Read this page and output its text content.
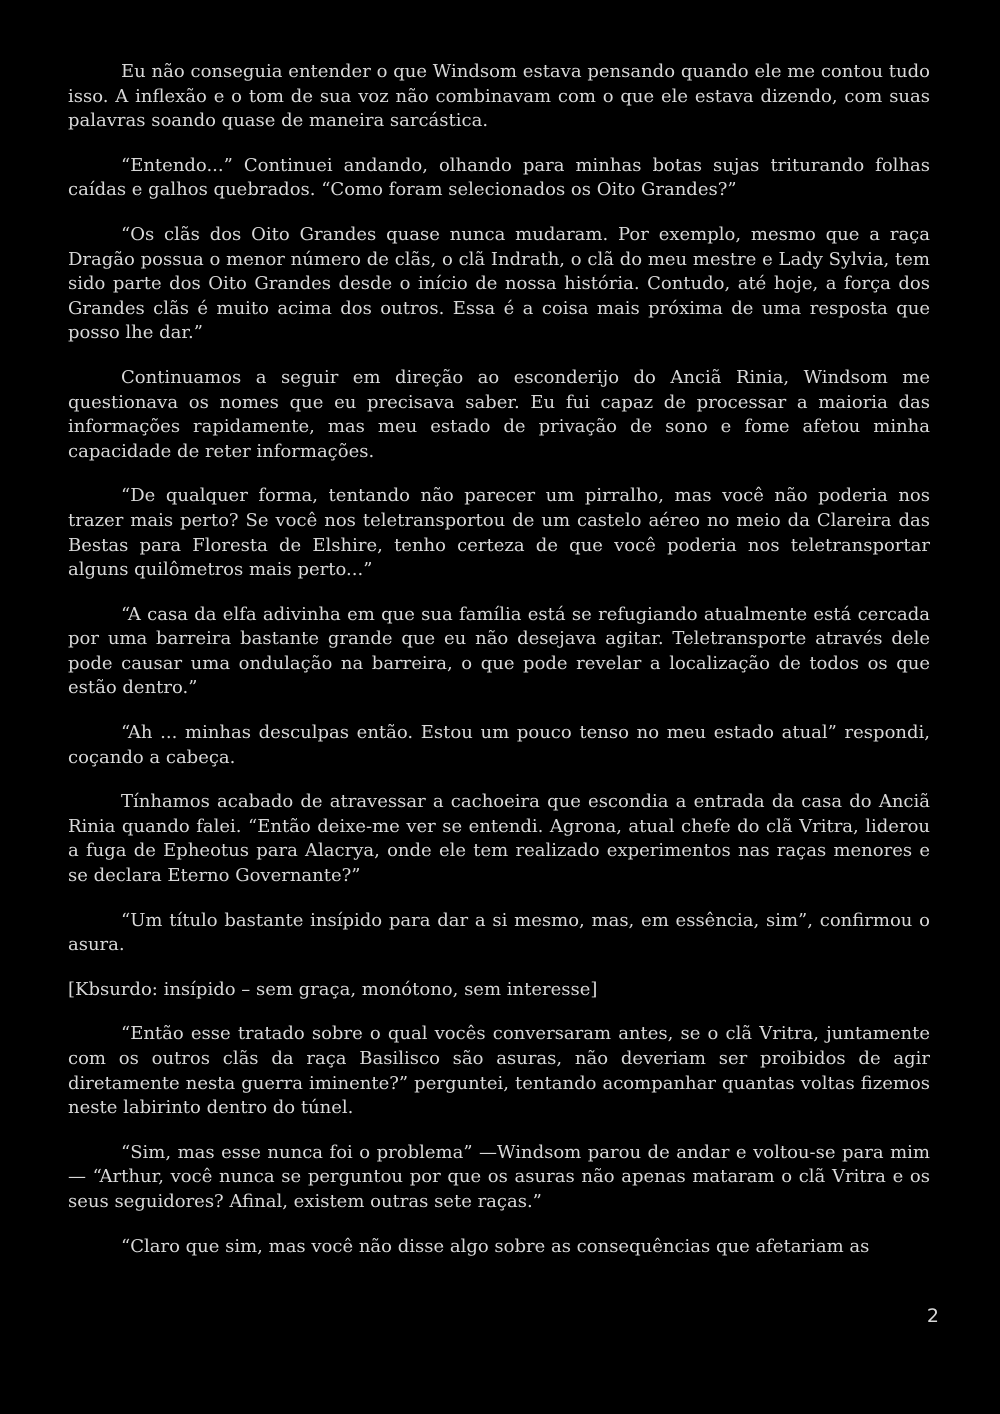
Eu não conseguia entender o que Windsom estava pensando quando ele me contou tudo isso. A inflexão e o tom de sua voz não combinavam com o que ele estava dizendo, com suas palavras soando quase de maneira sarcástica.

“Entendo...” Continuei andando, olhando para minhas botas sujas triturando folhas caídas e galhos quebrados. “Como foram selecionados os Oito Grandes?”

“Os clãs dos Oito Grandes quase nunca mudaram. Por exemplo, mesmo que a raça Dragão possua o menor número de clãs, o clã Indrath, o clã do meu mestre e Lady Sylvia, tem sido parte dos Oito Grandes desde o início de nossa história. Contudo, até hoje, a força dos Grandes clãs é muito acima dos outros. Essa é a coisa mais próxima de uma resposta que posso lhe dar.”

Continuamos a seguir em direção ao esconderijo do Anciã Rinia, Windsom me questionava os nomes que eu precisava saber. Eu fui capaz de processar a maioria das informações rapidamente, mas meu estado de privação de sono e fome afetou minha capacidade de reter informações.

“De qualquer forma, tentando não parecer um pirralho, mas você não poderia nos trazer mais perto? Se você nos teletransportou de um castelo aéreo no meio da Clareira das Bestas para Floresta de Elshire, tenho certeza de que você poderia nos teletransportar alguns quilômetros mais perto...”

“A casa da elfa adivinha em que sua família está se refugiando atualmente está cercada por uma barreira bastante grande que eu não desejava agitar. Teletransporte através dele pode causar uma ondulação na barreira, o que pode revelar a localização de todos os que estão dentro.”

“Ah ... minhas desculpas então. Estou um pouco tenso no meu estado atual” respondi, coçando a cabeça.

Tínhamos acabado de atravessar a cachoeira que escondia a entrada da casa do Anciã Rinia quando falei. “Então deixe-me ver se entendi. Agrona, atual chefe do clã Vritra, liderou a fuga de Epheotus para Alacrya, onde ele tem realizado experimentos nas raças menores e se declara Eterno Governante?”

“Um título bastante insípido para dar a si mesmo, mas, em essência, sim”, confirmou o asura.

[Kbsurdo: insípido – sem graça, monótono, sem interesse]

“Então esse tratado sobre o qual vocês conversaram antes, se o clã Vritra, juntamente com os outros clãs da raça Basilisco são asuras, não deveriam ser proibidos de agir diretamente nesta guerra iminente?” perguntei, tentando acompanhar quantas voltas fizemos neste labirinto dentro do túnel.

“Sim, mas esse nunca foi o problema” —Windsom parou de andar e voltou-se para mim— “Arthur, você nunca se perguntou por que os asuras não apenas mataram o clã Vritra e os seus seguidores? Afinal, existem outras sete raças.”

“Claro que sim, mas você não disse algo sobre as consequências que afetariam as

2
